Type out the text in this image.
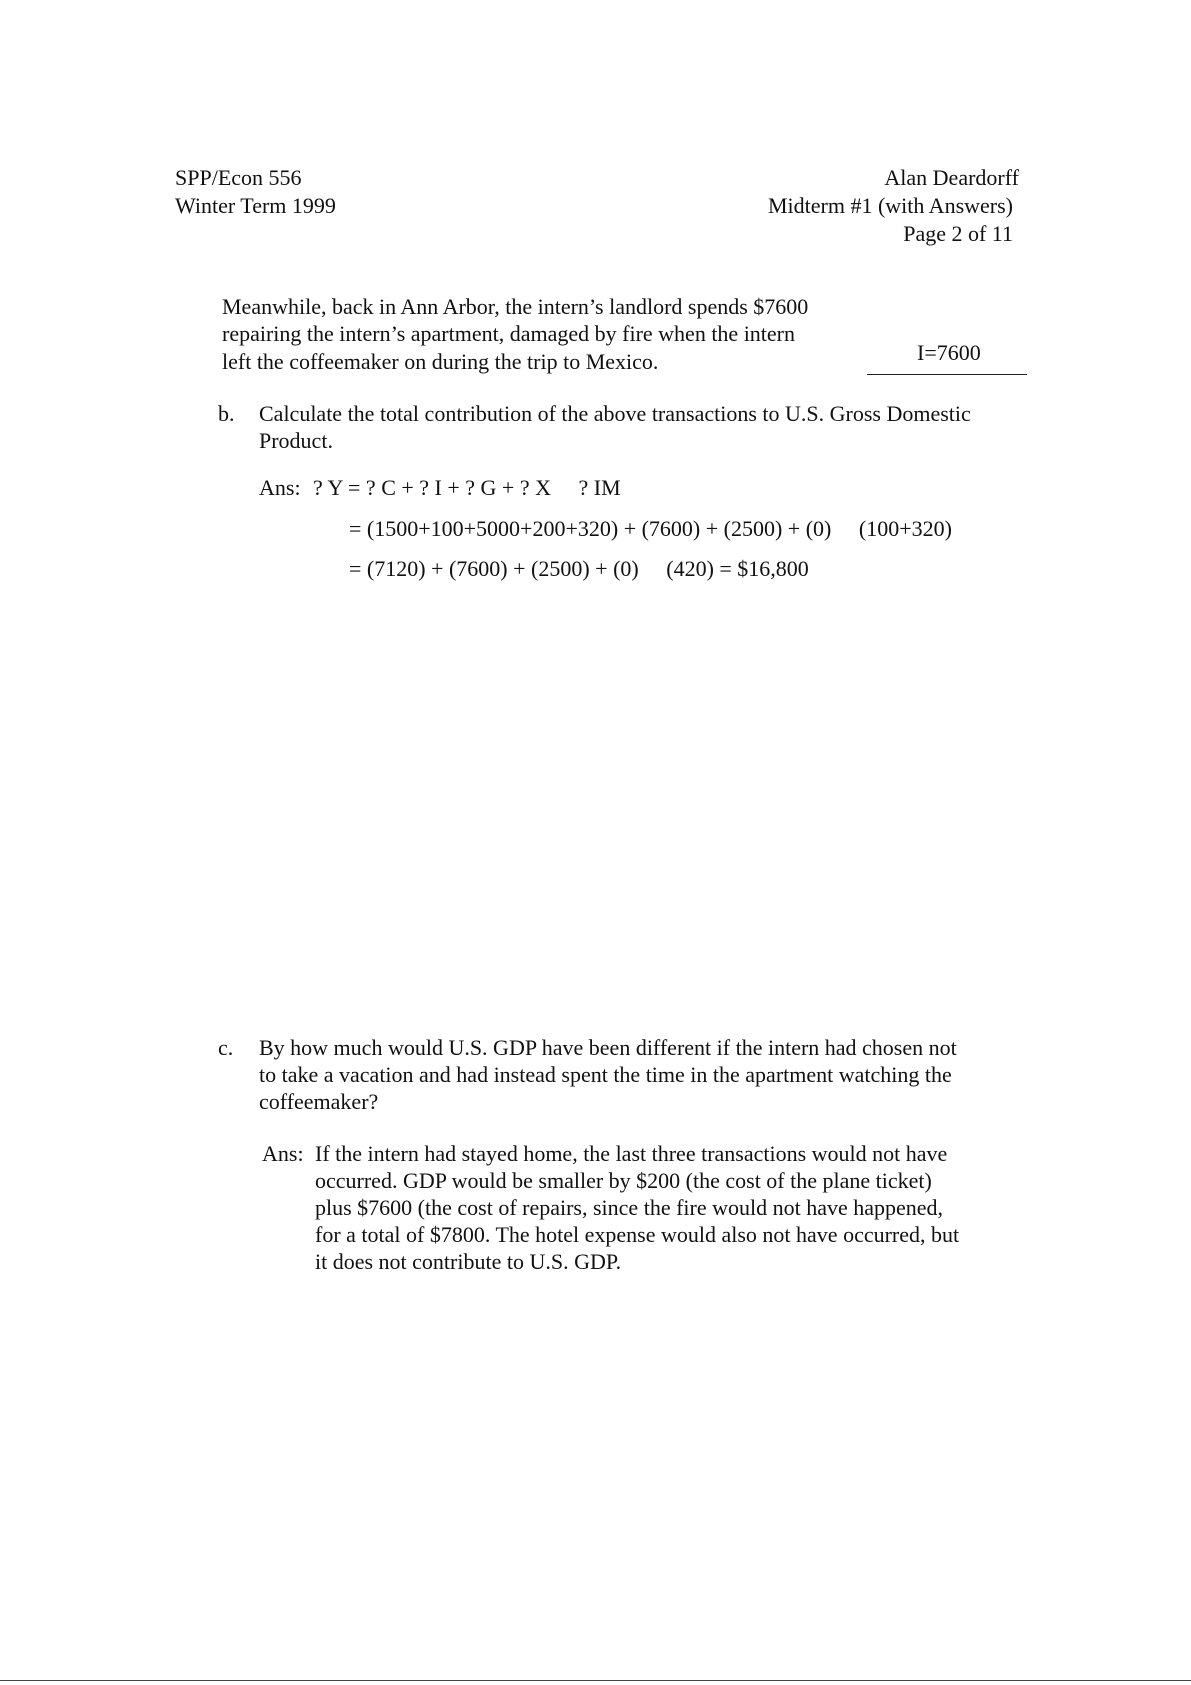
SPP/Econ 556
Winter Term 1999
Alan Deardorff
Midterm #1 (with Answers)
Page 2 of 11
Meanwhile, back in Ann Arbor, the intern’s landlord spends $7600
repairing the intern’s apartment, damaged by fire when the intern
left the coffeemaker on during the trip to Mexico.	I=7600
b. Calculate the total contribution of the above transactions to U.S. Gross Domestic
Product.
Ans: ? Y = ? C + ? I + ? G + ? X     ? IM
= (1500+100+5000+200+320) + (7600) + (2500) + (0)     (100+320)
= (7120) + (7600) + (2500) + (0)     (420) = $16,800
c. By how much would U.S. GDP have been different if the intern had chosen not
to take a vacation and had instead spent the time in the apartment watching the
coffeemaker?
Ans: If the intern had stayed home, the last three transactions would not have
occurred. GDP would be smaller by $200 (the cost of the plane ticket)
plus $7600 (the cost of repairs, since the fire would not have happened,
for a total of $7800. The hotel expense would also not have occurred, but
it does not contribute to U.S. GDP.
